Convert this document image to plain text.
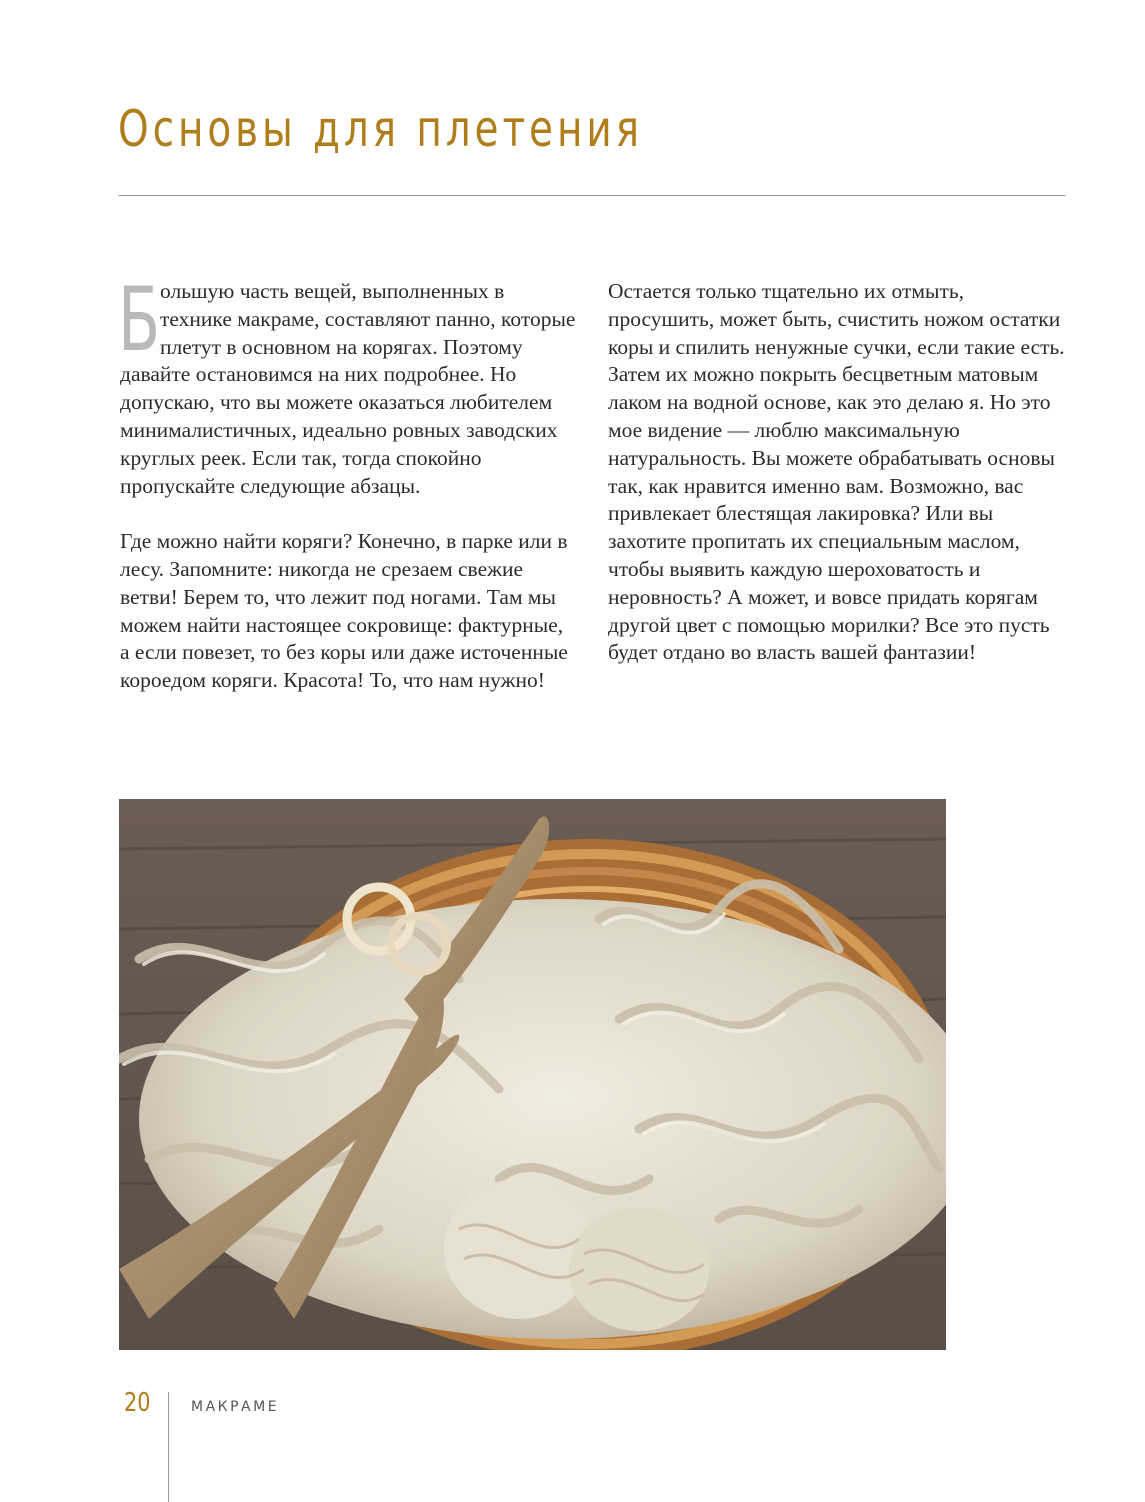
Основы для плетения

Большую часть вещей, выполненных в технике макраме, составляют панно, которые плетут в основном на корягах. Поэтому давайте остановимся на них подробнее. Но допускаю, что вы можете оказаться любителем минималистичных, идеально ровных заводских круглых реек. Если так, тогда спокойно пропускайте следующие абзацы.

Где можно найти коряги? Конечно, в парке или в лесу. Запомните: никогда не срезаем свежие ветви! Берем то, что лежит под ногами. Там мы можем найти настоящее сокровище: фактурные, а если повезет, то без коры или даже источенные короедом коряги. Красота! То, что нам нужно!

Остается только тщательно их отмыть, просушить, может быть, счистить ножом остатки коры и спилить ненужные сучки, если такие есть. Затем их можно покрыть бесцветным матовым лаком на водной основе, как это делаю я. Но это мое видение — люблю максимальную натуральность. Вы можете обрабатывать основы так, как нравится именно вам. Возможно, вас привлекает блестящая лакировка? Или вы захотите пропитать их специальным маслом, чтобы выявить каждую шероховатость и неровность? А может, и вовсе придать корягам другой цвет с помощью морилки? Все это пусть будет отдано во власть вашей фантазии!

20	МАКРАМЕ
